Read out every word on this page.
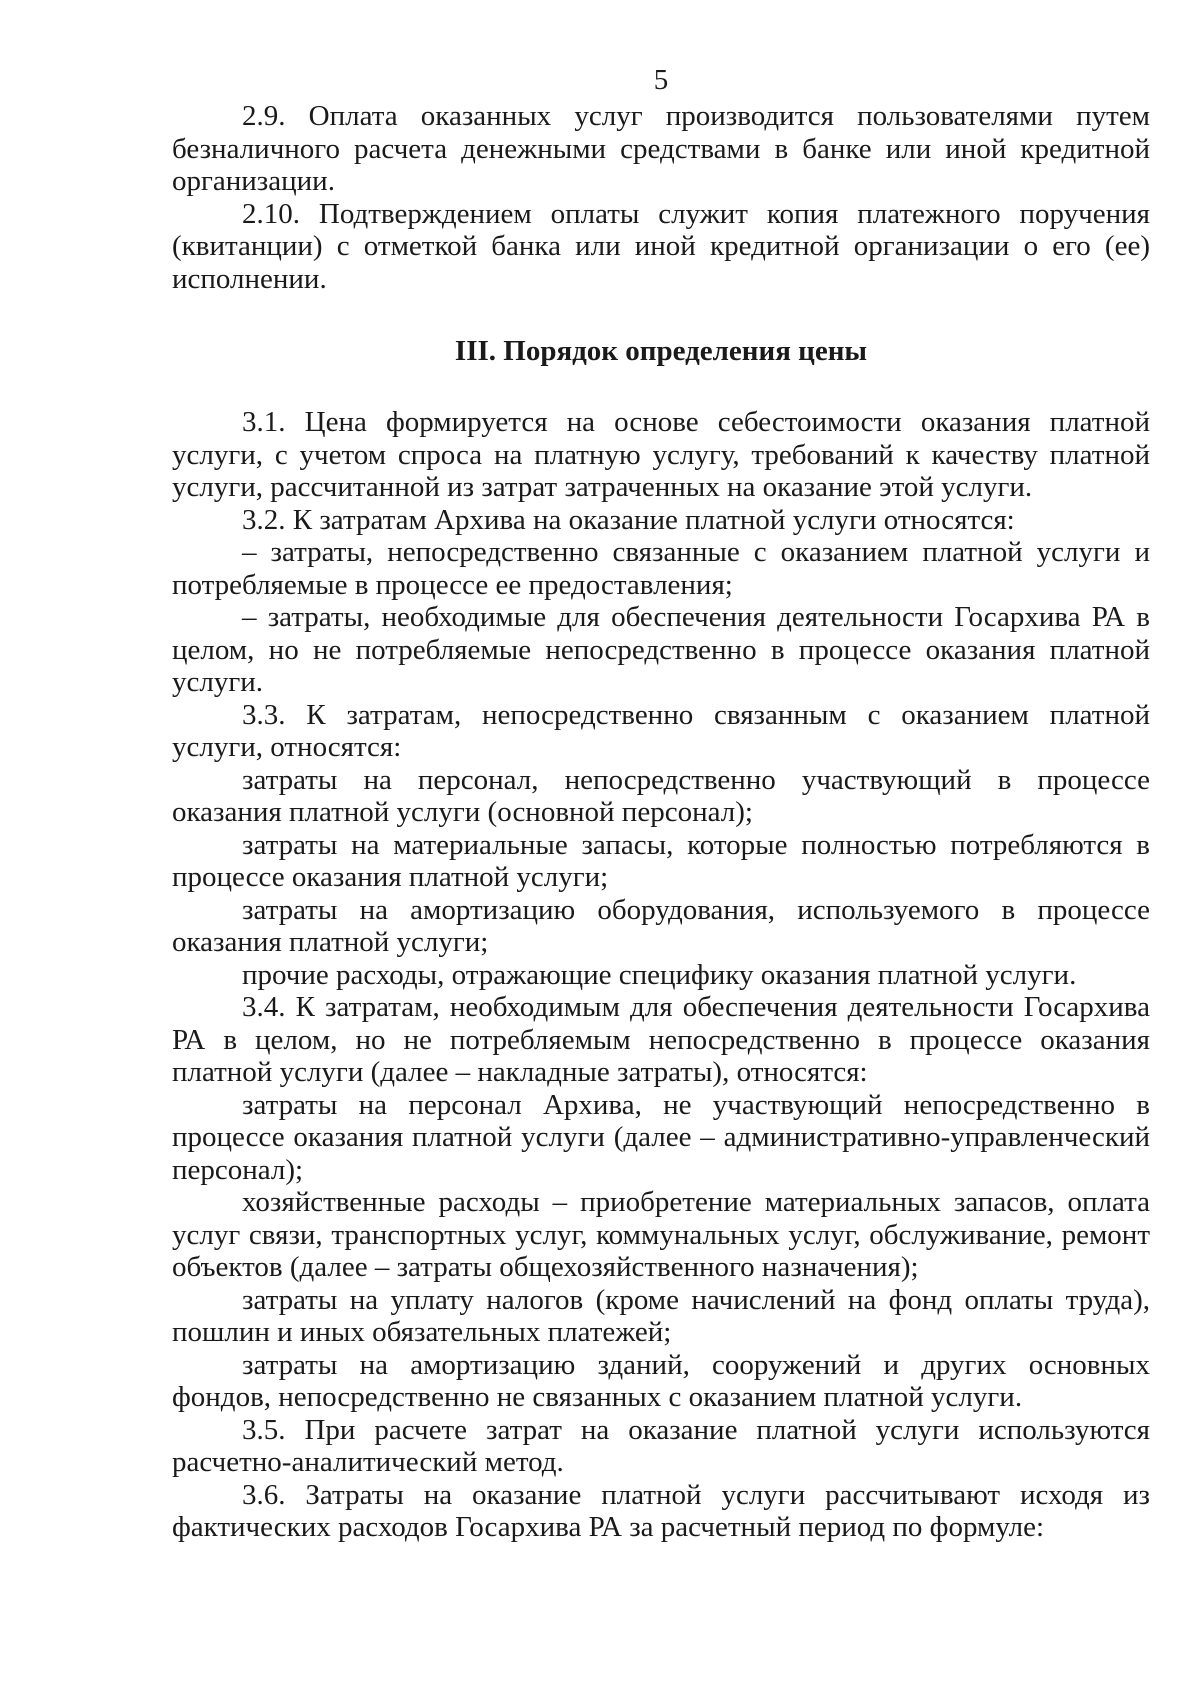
5

2.9. Оплата оказанных услуг производится пользователями путем безналичного расчета денежными средствами в банке или иной кредитной организации.

2.10. Подтверждением оплаты служит копия платежного поручения (квитанции) с отметкой банка или иной кредитной организации о его (ее) исполнении.

III. Порядок определения цены

3.1. Цена формируется на основе себестоимости оказания платной услуги, с учетом спроса на платную услугу, требований к качеству платной услуги, рассчитанной из затрат затраченных на оказание этой услуги.

3.2. К затратам Архива на оказание платной услуги относятся:

– затраты, непосредственно связанные с оказанием платной услуги и потребляемые в процессе ее предоставления;

– затраты, необходимые для обеспечения деятельности Госархива РА в целом, но не потребляемые непосредственно в процессе оказания платной услуги.

3.3. К затратам, непосредственно связанным с оказанием платной услуги, относятся:

затраты на персонал, непосредственно участвующий в процессе оказания платной услуги (основной персонал);

затраты на материальные запасы, которые полностью потребляются в процессе оказания платной услуги;

затраты на амортизацию оборудования, используемого в процессе оказания платной услуги;

прочие расходы, отражающие специфику оказания платной услуги.

3.4. К затратам, необходимым для обеспечения деятельности Госархива РА в целом, но не потребляемым непосредственно в процессе оказания платной услуги (далее – накладные затраты), относятся:

затраты на персонал Архива, не участвующий непосредственно в процессе оказания платной услуги (далее – административно-управленческий персонал);

хозяйственные расходы – приобретение материальных запасов, оплата услуг связи, транспортных услуг, коммунальных услуг, обслуживание, ремонт объектов (далее – затраты общехозяйственного назначения);

затраты на уплату налогов (кроме начислений на фонд оплаты труда), пошлин и иных обязательных платежей;

затраты на амортизацию зданий, сооружений и других основных фондов, непосредственно не связанных с оказанием платной услуги.

3.5. При расчете затрат на оказание платной услуги используются расчетно-аналитический метод.

3.6. Затраты на оказание платной услуги рассчитывают исходя из фактических расходов Госархива РА за расчетный период по формуле:
